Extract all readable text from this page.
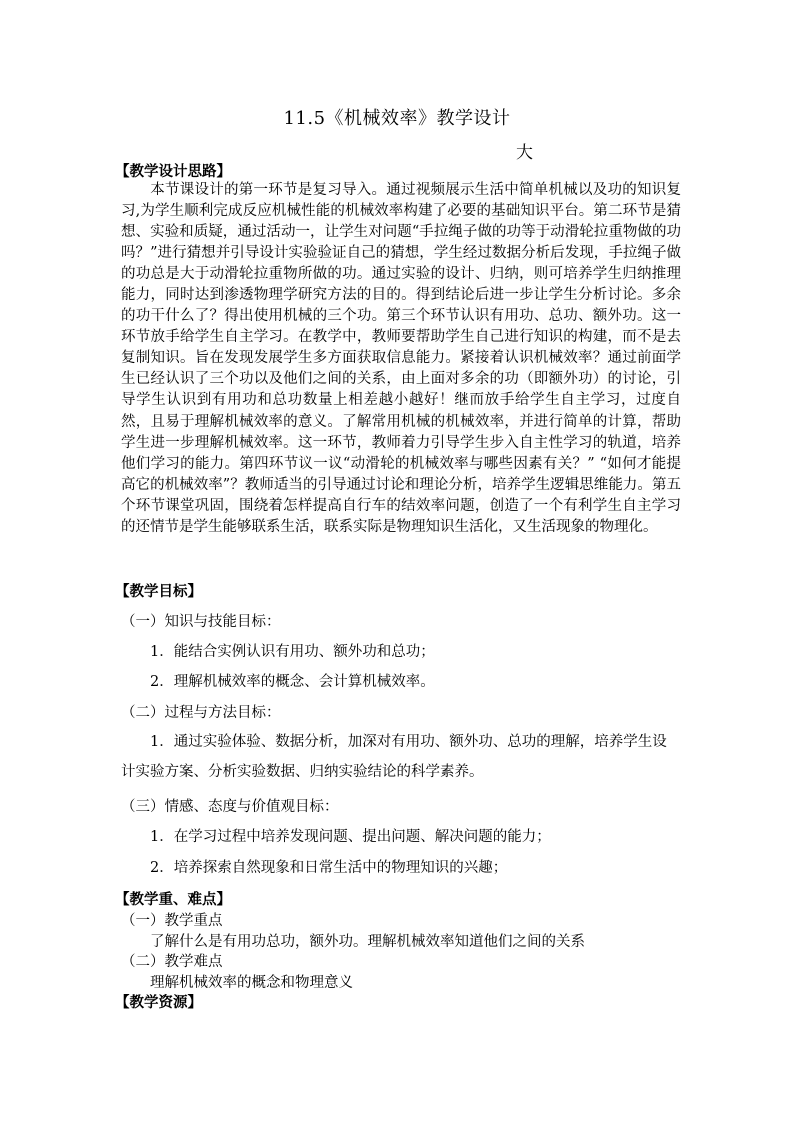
11.5《机械效率》教学设计
大
【教学设计思路】
本节课设计的第一环节是复习导入。通过视频展示生活中简单机械以及功的知识复习,为学生顺利完成反应机械性能的机械效率构建了必要的基础知识平台。第二环节是猜想、实验和质疑，通过活动一，让学生对问题“手拉绳子做的功等于动滑轮拉重物做的功吗？”进行猜想并引导设计实验验证自己的猜想，学生经过数据分析后发现，手拉绳子做的功总是大于动滑轮拉重物所做的功。通过实验的设计、归纳，则可培养学生归纳推理能力，同时达到渗透物理学研究方法的目的。得到结论后进一步让学生分析讨论。多余的功干什么了？得出使用机械的三个功。第三个环节认识有用功、总功、额外功。这一环节放手给学生自主学习。在教学中，教师要帮助学生自己进行知识的构建，而不是去复制知识。旨在发现发展学生多方面获取信息能力。紧接着认识机械效率？通过前面学生已经认识了三个功以及他们之间的关系，由上面对多余的功（即额外功）的讨论，引导学生认识到有用功和总功数量上相差越小越好！继而放手给学生自主学习，过度自然，且易于理解机械效率的意义。了解常用机械的机械效率，并进行简单的计算，帮助学生进一步理解机械效率。这一环节，教师着力引导学生步入自主性学习的轨道，培养他们学习的能力。第四环节议一议“动滑轮的机械效率与哪些因素有关？” “如何才能提高它的机械效率”？教师适当的引导通过讨论和理论分析，培养学生逻辑思维能力。第五个环节课堂巩固，围绕着怎样提高自行车的结效率问题，创造了一个有利学生自主学习的还情节是学生能够联系生活，联系实际是物理知识生活化，又生活现象的物理化。
【教学目标】
（一）知识与技能目标：
1．能结合实例认识有用功、额外功和总功；
2．理解机械效率的概念、会计算机械效率。
（二）过程与方法目标：
1．通过实验体验、数据分析，加深对有用功、额外功、总功的理解，培养学生设计实验方案、分析实验数据、归纳实验结论的科学素养。
（三）情感、态度与价值观目标：
1．在学习过程中培养发现问题、提出问题、解决问题的能力；
2．培养探索自然现象和日常生活中的物理知识的兴趣；
【教学重、难点】
（一）教学重点
了解什么是有用功总功，额外功。理解机械效率知道他们之间的关系
（二）教学难点
理解机械效率的概念和物理意义
【教学资源】
